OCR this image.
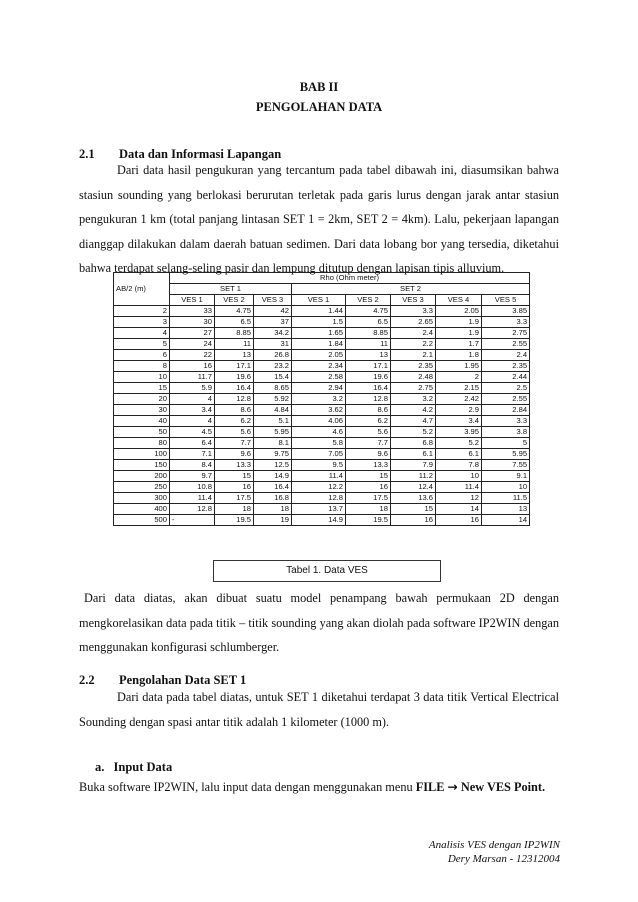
BAB II
PENGOLAHAN DATA
2.1 Data dan Informasi Lapangan
Dari data hasil pengukuran yang tercantum pada tabel dibawah ini, diasumsikan bahwa
stasiun sounding yang berlokasi berurutan terletak pada garis lurus dengan jarak antar stasiun
pengukuran 1 km (total panjang lintasan SET 1 = 2km, SET 2 = 4km). Lalu, pekerjaan lapangan
dianggap dilakukan dalam daerah batuan sedimen. Dari data lobang bor yang tersedia, diketahui
bahwa terdapat selang-seling pasir dan lempung ditutup dengan lapisan tipis alluvium.
AB/2 (m)	Rho (Ohm meter)							
	SET 1			SET 2				
	VES 1	VES 2	VES 3	VES 1	VES 2	VES 3	VES 4	VES 5
2	33	4.75	42	1.44	4.75	3.3	2.05	3.85
3	30	6.5	37	1.5	6.5	2.65	1.9	3.3
4	27	8.85	34.2	1.65	8.85	2.4	1.9	2.75
5	24	11	31	1.84	11	2.2	1.7	2.55
6	22	13	26.8	2.05	13	2.1	1.8	2.4
8	16	17.1	23.2	2.34	17.1	2.35	1.95	2.35
10	11.7	19.6	15.4	2.58	19.6	2.48	2	2.44
15	5.9	16.4	8.65	2.94	16.4	2.75	2.15	2.5
20	4	12.8	5.92	3.2	12.8	3.2	2.42	2.55
30	3.4	8.6	4.84	3.62	8.6	4.2	2.9	2.84
40	4	6.2	5.1	4.06	6.2	4.7	3.4	3.3
50	4.5	5.6	5.95	4.6	5.6	5.2	3.95	3.8
80	6.4	7.7	8.1	5.8	7.7	6.8	5.2	5
100	7.1	9.6	9.75	7.05	9.6	6.1	6.1	5.95
150	8.4	13.3	12.5	9.5	13.3	7.9	7.8	7.55
200	9.7	15	14.9	11.4	15	11.2	10	9.1
250	10.8	16	16.4	12.2	16	12.4	11.4	10
300	11.4	17.5	16.8	12.8	17.5	13.6	12	11.5
400	12.8	18	18	13.7	18	15	14	13
500	-	19.5	19	14.9	19.5	16	16	14
Tabel 1. Data VES
Dari data diatas, akan dibuat suatu model penampang bawah permukaan 2D dengan
mengkorelasikan data pada titik – titik sounding yang akan diolah pada software IP2WIN dengan
menggunakan konfigurasi schlumberger.
2.2 Pengolahan Data SET 1
Dari data pada tabel diatas, untuk SET 1 diketahui terdapat 3 data titik Vertical Electrical
Sounding dengan spasi antar titik adalah 1 kilometer (1000 m).
a. Input Data
Buka software IP2WIN, lalu input data dengan menggunakan menu FILE → New VES Point.
Analisis VES dengan IP2WIN
Dery Marsan - 12312004
